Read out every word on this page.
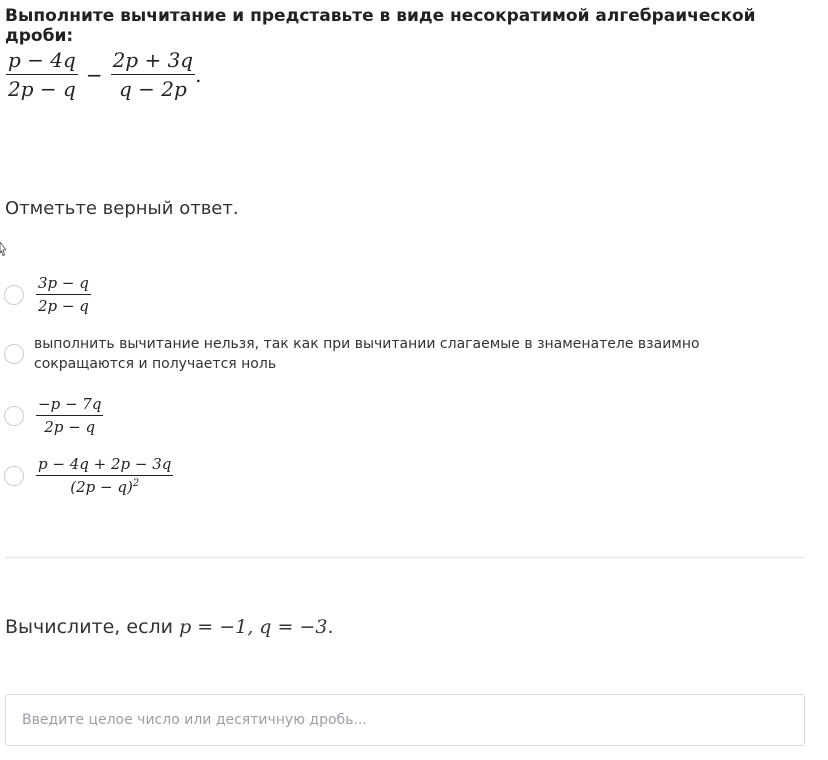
Выполните вычитание и представьте в виде несократимой алгебраической дроби:
$\frac{p - 4q}{2p - q} - \frac{2p + 3q}{q - 2p}$ .
Отметьте верный ответ.
$\frac{3p - q}{2p - q}$
выполнить вычитание нельзя, так как при вычитании слагаемые в знаменателе взаимно сокращаются и получается ноль
$\frac{-p - 7q}{2p - q}$
$\frac{p - 4q + 2p - 3q}{(2p - q)^2}$
Вычислите, если p = −1, q = −3.
Введите целое число или десятичную дробь...
